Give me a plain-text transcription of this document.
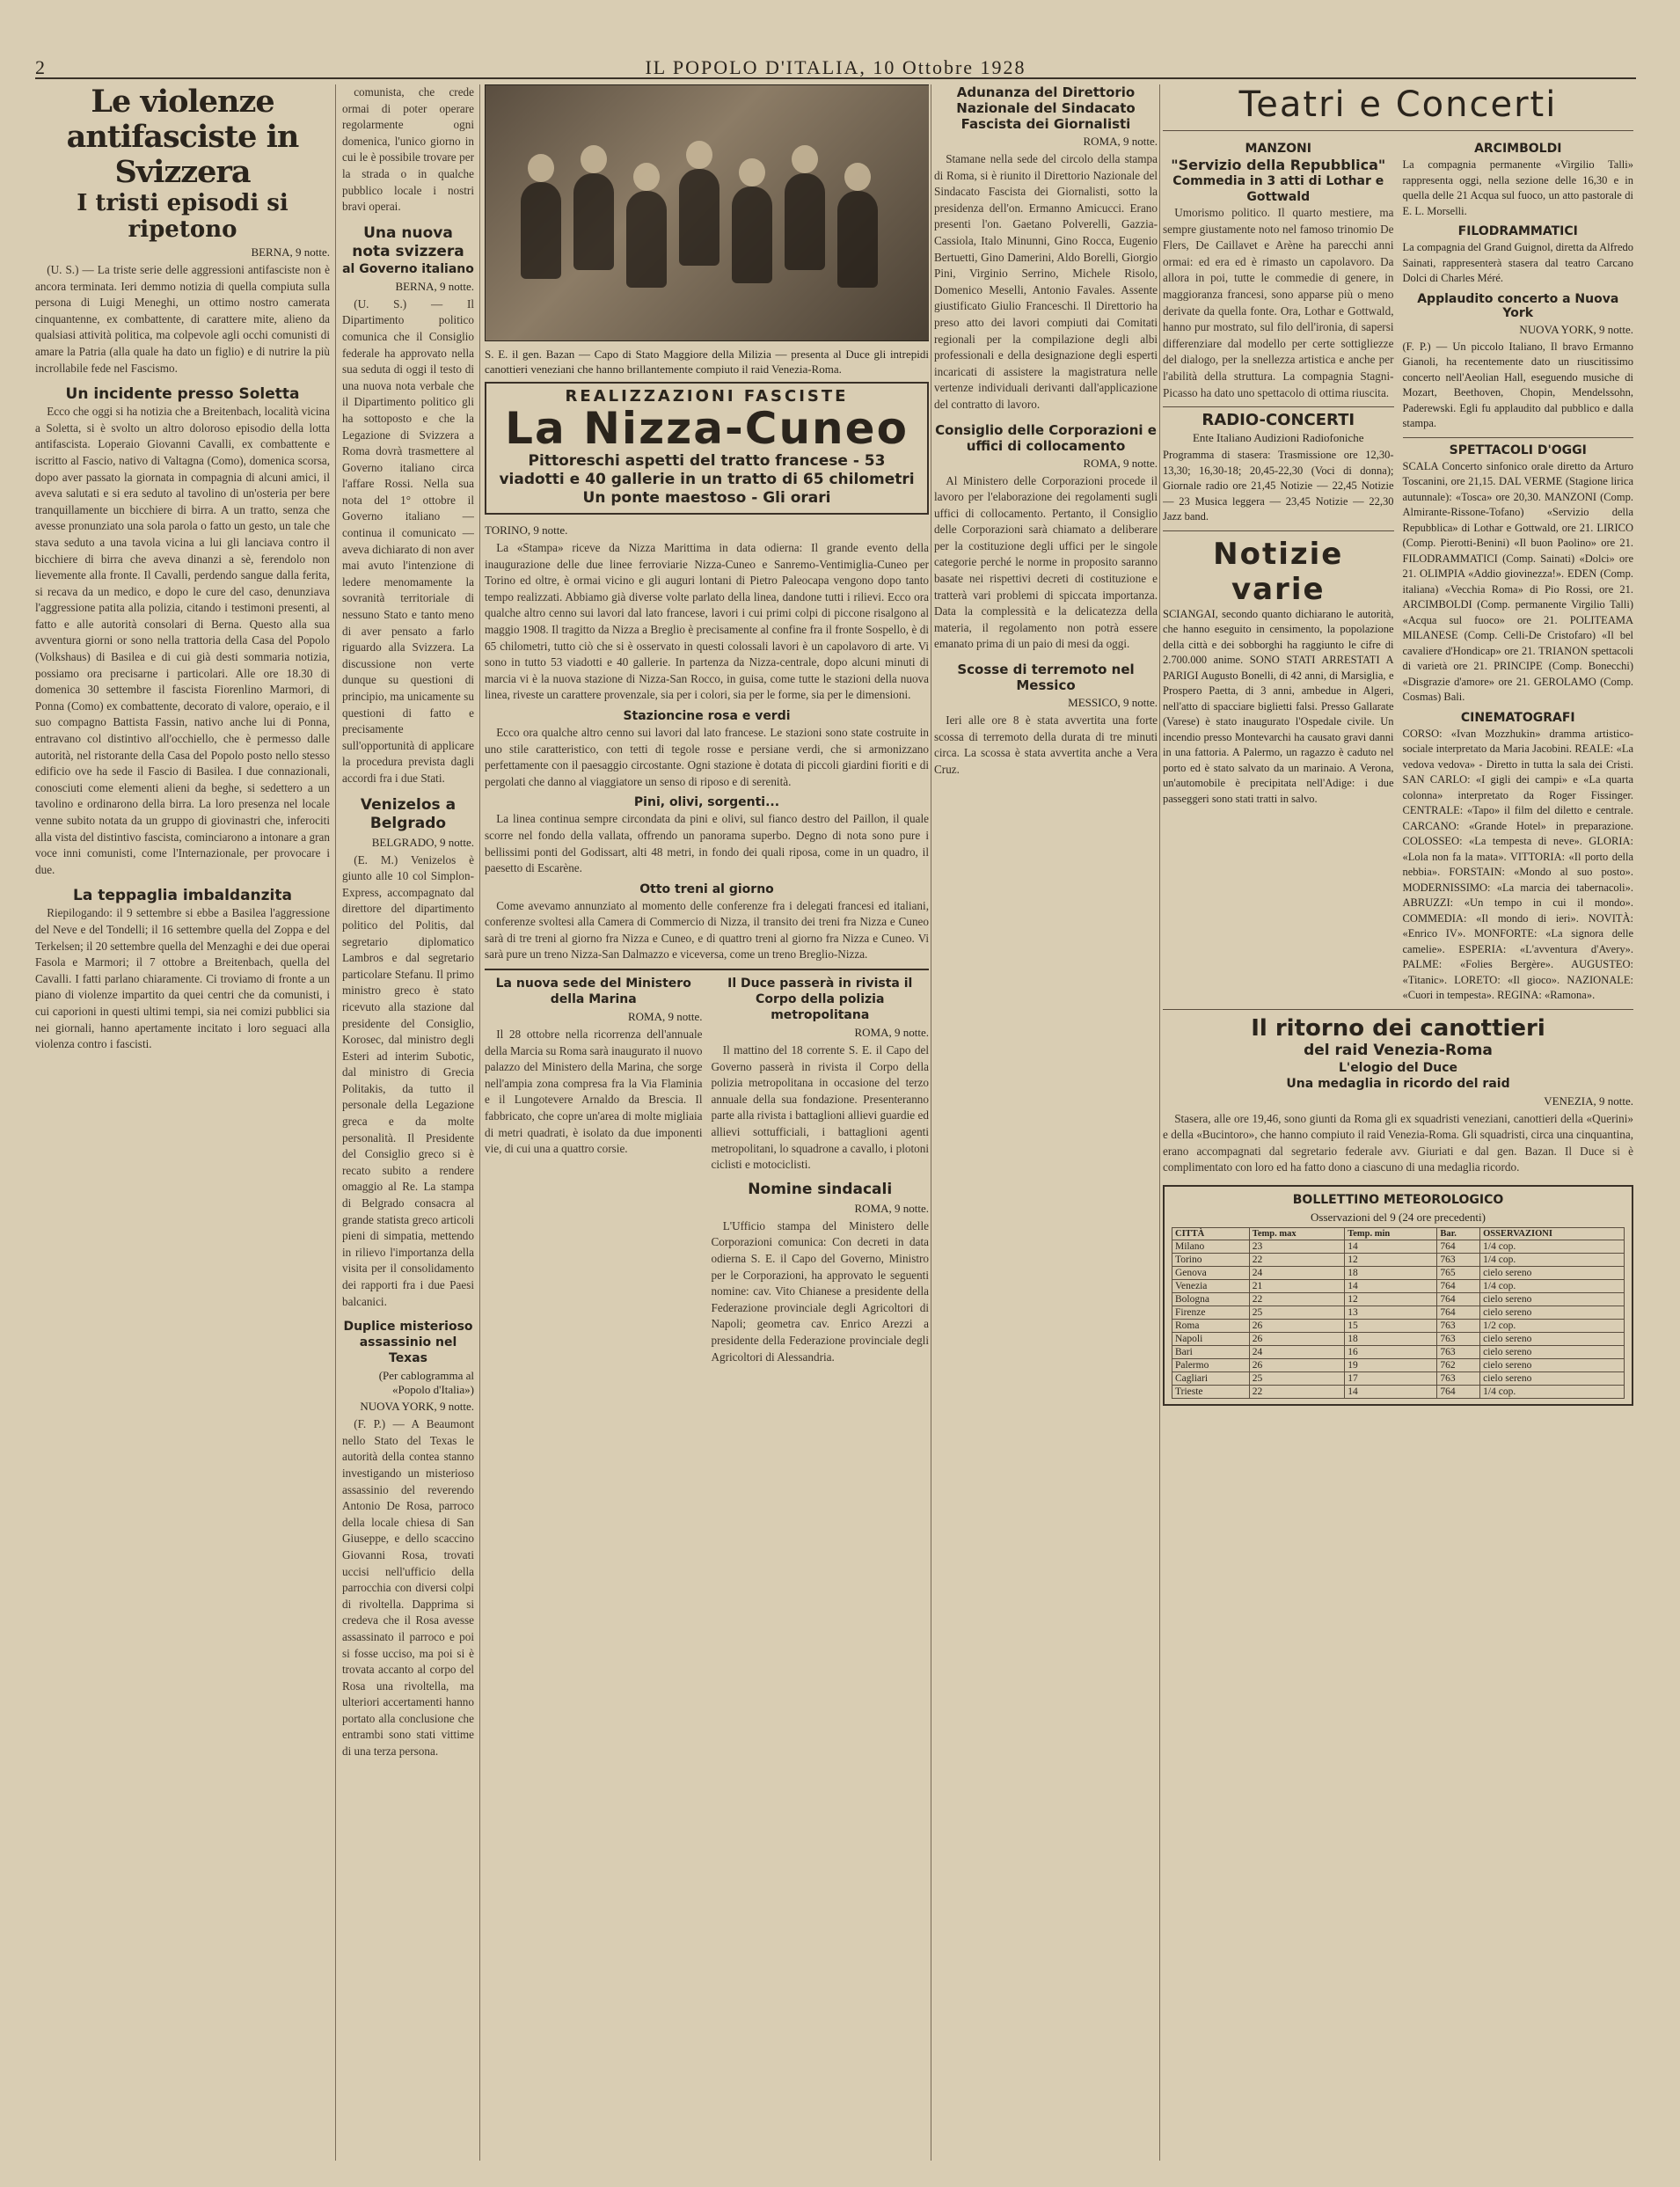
2	IL POPOLO D'ITALIA, 10 Ottobre 1928
Le violenze antifasciste in Svizzera
I tristi episodi si ripetono
BERNA, 9 notte.
(U. S.) — La triste serie delle aggressioni antifasciste non è ancora terminata. Ieri demmo notizia di quella compiuta sulla persona di Luigi Meneghi, un ottimo nostro camerata cinquantenne, ex combattente, di carattere mite, alieno da qualsiasi attività politica, ma colpevole agli occhi comunisti di amare la Patria (alla quale ha dato un figlio) e di nutrire la più incrollabile fede nel Fascismo.
Un incidente presso Soletta
Ecco che oggi si ha notizia che a Breitenbach, località vicina a Soletta, si è svolto un altro doloroso episodio della lotta antifascista. Loperaio Giovanni Cavalli, ex combattente e iscritto al Fascio, nativo di Valtagna (Como), domenica scorsa, dopo aver passato la giornata in compagnia di alcuni amici, il aveva salutati e si era seduto al tavolino di un'osteria per bere tranquillamente un bicchiere di birra. A un tratto, senza che avesse pronunziato una sola parola o fatto un gesto, un tale che stava seduto a una tavola vicina a lui gli lanciava contro il bicchiere di birra che aveva dinanzi a sè, ferendolo non lievemente alla fronte. Il Cavalli, perdendo sangue dalla ferita, si recava da un medico, e dopo le cure del caso, denunziava l'aggressione patita alla polizia, citando i testimoni presenti, al fatto e alle autorità consolari di Berna. Questo alla sua avventura giorni or sono nella trattoria della Casa del Popolo (Volkshaus) di Basilea e di cui già desti sommaria notizia, possiamo ora precisarne i particolari. Alle ore 18.30 di domenica 30 settembre il fascista Fiorenlino Marmori, di Ponna (Como) ex combattente, decorato di valore, operaio, e il suo compagno Battista Fassin, nativo anche lui di Ponna, entravano col distintivo all'occhiello, che è permesso dalle autorità, nel ristorante della Casa del Popolo posto nello stesso edificio ove ha sede il Fascio di Basilea. I due connazionali, conosciuti come elementi alieni da beghe, si sedettero a un tavolino e ordinarono della birra. La loro presenza nel locale venne subito notata da un gruppo di giovinastri che, inferociti alla vista del distintivo fascista, cominciarono a intonare a gran voce inni comunisti, come l'Internazionale, per provocare i due.
La teppaglia imbaldanzita
Riepilogando: il 9 settembre si ebbe a Basilea l'aggressione del Neve e del Tondelli; il 16 settembre quella del Zoppa e del Terkelsen; il 20 settembre quella del Menzaghi e dei due operai Fasola e Marmori; il 7 ottobre a Breitenbach, quella del Cavalli. I fatti parlano chiaramente. Ci troviamo di fronte a un piano di violenze impartito da quei centri che da comunisti, i cui caporioni in questi ultimi tempi, sia nei comizi pubblici sia nei giornali, hanno apertamente incitato i loro seguaci alla violenza contro i fascisti.
comunista, che crede ormai di poter operare regolarmente ogni domenica, l'unico giorno in cui le è possibile trovare per la strada o in qualche pubblico locale i nostri bravi operai.
Una nuova nota svizzera
al Governo italiano
BERNA, 9 notte.
(U. S.) — Il Dipartimento politico comunica che il Consiglio federale ha approvato nella sua seduta di oggi il testo di una nuova nota verbale che il Dipartimento politico gli ha sottoposto e che la Legazione di Svizzera a Roma dovrà trasmettere al Governo italiano circa l'affare Rossi. Nella sua nota del 1° ottobre il Governo italiano — continua il comunicato — aveva dichiarato di non aver mai avuto l'intenzione di ledere menomamente la sovranità territoriale di nessuno Stato e tanto meno di aver pensato a farlo riguardo alla Svizzera. La discussione non verte dunque su questioni di principio, ma unicamente su questioni di fatto e precisamente sull'opportunità di applicare la procedura prevista dagli accordi fra i due Stati.
Venizelos a Belgrado
BELGRADO, 9 notte.
(E. M.) Venizelos è giunto alle 10 col Simplon-Express, accompagnato dal direttore del dipartimento politico del Politis, dal segretario diplomatico Lambros e dal segretario particolare Stefanu. Il primo ministro greco è stato ricevuto alla stazione dal presidente del Consiglio, Korosec, dal ministro degli Esteri ad interim Subotic, dal ministro di Grecia Politakis, da tutto il personale della Legazione greca e da molte personalità. Il Presidente del Consiglio greco si è recato subito a rendere omaggio al Re. La stampa di Belgrado consacra al grande statista greco articoli pieni di simpatia, mettendo in rilievo l'importanza della visita per il consolidamento dei rapporti fra i due Paesi balcanici.
Duplice misterioso assassinio nel Texas
(Per cablogramma al «Popolo d'Italia»)
NUOVA YORK, 9 notte.
(F. P.) — A Beaumont nello Stato del Texas le autorità della contea stanno investigando un misterioso assassinio del reverendo Antonio De Rosa, parroco della locale chiesa di San Giuseppe, e dello scaccino Giovanni Rosa, trovati uccisi nell'ufficio della parrocchia con diversi colpi di rivoltella. Dapprima si credeva che il Rosa avesse assassinato il parroco e poi si fosse ucciso, ma poi si è trovata accanto al corpo del Rosa una rivoltella, ma ulteriori accertamenti hanno portato alla conclusione che entrambi sono stati vittime di una terza persona.
S. E. il gen. Bazan — Capo di Stato Maggiore della Milizia — presenta al Duce gli intrepidi canottieri veneziani che hanno brillantemente compiuto il raid Venezia-Roma.
REALIZZAZIONI FASCISTE
La Nizza-Cuneo
Pittoreschi aspetti del tratto francese - 53 viadotti e 40 gallerie in un tratto di 65 chilometri
Un ponte maestoso - Gli orari
TORINO, 9 notte.
La «Stampa» riceve da Nizza Marittima in data odierna: Il grande evento della inaugurazione delle due linee ferroviarie Nizza-Cuneo e Sanremo-Ventimiglia-Cuneo per Torino ed oltre, è ormai vicino e gli auguri lontani di Pietro Paleocapa vengono dopo tanto tempo realizzati. Abbiamo già diverse volte parlato della linea, dandone tutti i rilievi. Ecco ora qualche altro cenno sui lavori dal lato francese, lavori i cui primi colpi di piccone risalgono al maggio 1908. Il tragitto da Nizza a Breglio è precisamente al confine fra il fronte Sospello, è di 65 chilometri, tutto ciò che si è osservato in questi colossali lavori è un capolavoro di arte. Vi sono in tutto 53 viadotti e 40 gallerie. In partenza da Nizza-centrale, dopo alcuni minuti di marcia vi è la nuova stazione di Nizza-San Rocco, in guisa, come tutte le stazioni della nuova linea, riveste un carattere provenzale, sia per i colori, sia per le forme, sia per le dimensioni.
Stazioncine rosa e verdi
Ecco ora qualche altro cenno sui lavori dal lato francese. Le stazioni sono state costruite in uno stile caratteristico, con tetti di tegole rosse e persiane verdi, che si armonizzano perfettamente con il paesaggio circostante. Ogni stazione è dotata di piccoli giardini fioriti e di pergolati che danno al viaggiatore un senso di riposo e di serenità.
Pini, olivi, sorgenti...
La linea continua sempre circondata da pini e olivi, sul fianco destro del Paillon, il quale scorre nel fondo della vallata, offrendo un panorama superbo. Degno di nota sono pure i bellissimi ponti del Godissart, alti 48 metri, in fondo dei quali riposa, come in un quadro, il paesetto di Escarène.
Otto treni al giorno
Come avevamo annunziato al momento delle conferenze fra i delegati francesi ed italiani, conferenze svoltesi alla Camera di Commercio di Nizza, il transito dei treni fra Nizza e Cuneo sarà di tre treni al giorno fra Nizza e Cuneo, e di quattro treni al giorno fra Nizza e Cuneo. Vi sarà pure un treno Nizza-San Dalmazzo e viceversa, come un treno Breglio-Nizza.
La nuova sede del Ministero della Marina
ROMA, 9 notte.
Il 28 ottobre nella ricorrenza dell'annuale della Marcia su Roma sarà inaugurato il nuovo palazzo del Ministero della Marina, che sorge nell'ampia zona compresa fra la Via Flaminia e il Lungotevere Arnaldo da Brescia. Il fabbricato, che copre un'area di molte migliaia di metri quadrati, è isolato da due imponenti vie, di cui una a quattro corsie.
Il Duce passerà in rivista il Corpo della polizia metropolitana
ROMA, 9 notte.
Il mattino del 18 corrente S. E. il Capo del Governo passerà in rivista il Corpo della polizia metropolitana in occasione del terzo annuale della sua fondazione. Presenteranno parte alla rivista i battaglioni allievi guardie ed allievi sottufficiali, i battaglioni agenti metropolitani, lo squadrone a cavallo, i plotoni ciclisti e motociclisti.
Nomine sindacali
ROMA, 9 notte.
L'Ufficio stampa del Ministero delle Corporazioni comunica: Con decreti in data odierna S. E. il Capo del Governo, Ministro per le Corporazioni, ha approvato le seguenti nomine: cav. Vito Chianese a presidente della Federazione provinciale degli Agricoltori di Napoli; geometra cav. Enrico Arezzi a presidente della Federazione provinciale degli Agricoltori di Alessandria.
Adunanza del Direttorio Nazionale del Sindacato Fascista dei Giornalisti
ROMA, 9 notte.
Stamane nella sede del circolo della stampa di Roma, si è riunito il Direttorio Nazionale del Sindacato Fascista dei Giornalisti, sotto la presidenza dell'on. Ermanno Amicucci. Erano presenti l'on. Gaetano Polverelli, Gazzia-Cassiola, Italo Minunni, Gino Rocca, Eugenio Bertuetti, Gino Damerini, Aldo Borelli, Giorgio Pini, Virginio Serrino, Michele Risolo, Domenico Meselli, Antonio Favales. Assente giustificato Giulio Franceschi. Il Direttorio ha preso atto dei lavori compiuti dai Comitati regionali per la compilazione degli albi professionali e della designazione degli esperti incaricati di assistere la magistratura nelle vertenze individuali derivanti dall'applicazione del contratto di lavoro.
Consiglio delle Corporazioni e uffici di collocamento
ROMA, 9 notte.
Al Ministero delle Corporazioni procede il lavoro per l'elaborazione dei regolamenti sugli uffici di collocamento. Pertanto, il Consiglio delle Corporazioni sarà chiamato a deliberare per la costituzione degli uffici per le singole categorie perché le norme in proposito saranno basate nei rispettivi decreti di costituzione e tratterà vari problemi di spiccata importanza. Data la complessità e la delicatezza della materia, il regolamento non potrà essere emanato prima di un paio di mesi da oggi.
Scosse di terremoto nel Messico
MESSICO, 9 notte.
Ieri alle ore 8 è stata avvertita una forte scossa di terremoto della durata di tre minuti circa. La scossa è stata avvertita anche a Vera Cruz.
Teatri e Concerti
MANZONI
"Servizio della Repubblica"
Commedia in 3 atti di Lothar e Gottwald
Umorismo politico. Il quarto mestiere, ma sempre giustamente noto nel famoso trinomio De Flers, De Caillavet e Arène ha parecchi anni ormai: ed era ed è rimasto un capolavoro. Da allora in poi, tutte le commedie di genere, in maggioranza francesi, sono apparse più o meno derivate da quella fonte. Ora, Lothar e Gottwald, hanno pur mostrato, sul filo dell'ironia, di sapersi differenziare dal modello per certe sottigliezze del dialogo, per la snellezza artistica e anche per l'abilità della struttura. La compagnia Stagni-Picasso ha dato uno spettacolo di ottima riuscita.
RADIO-CONCERTI
Ente Italiano Audizioni Radiofoniche
Programma di stasera: Trasmissione ore 12,30-13,30; 16,30-18; 20,45-22,30 (Voci di donna); Giornale radio ore 21,45 Notizie — 22,45 Notizie — 23 Musica leggera — 23,45 Notizie — 22,30 Jazz band.
Notizie varie
SCIANGAI, secondo quanto dichiarano le autorità, che hanno eseguito in censimento, la popolazione della città e dei sobborghi ha raggiunto le cifre di 2.700.000 anime. SONO STATI ARRESTATI A PARIGI Augusto Bonelli, di 42 anni, di Marsiglia, e Prospero Paetta, di 3 anni, ambedue in Algeri, nell'atto di spacciare biglietti falsi. Presso Gallarate (Varese) è stato inaugurato l'Ospedale civile. Un incendio presso Montevarchi ha causato gravi danni in una fattoria. A Palermo, un ragazzo è caduto nel porto ed è stato salvato da un marinaio. A Verona, un'automobile è precipitata nell'Adige: i due passeggeri sono stati tratti in salvo.
ARCIMBOLDI
La compagnia permanente «Virgilio Talli» rappresenta oggi, nella sezione delle 16,30 e in quella delle 21 Acqua sul fuoco, un atto pastorale di E. L. Morselli.
FILODRAMMATICI
La compagnia del Grand Guignol, diretta da Alfredo Sainati, rappresenterà stasera dal teatro Carcano Dolci di Charles Méré.
Applaudito concerto a Nuova York
NUOVA YORK, 9 notte.
(F. P.) — Un piccolo Italiano, Il bravo Ermanno Gianoli, ha recentemente dato un riuscitissimo concerto nell'Aeolian Hall, eseguendo musiche di Mozart, Beethoven, Chopin, Mendelssohn, Paderewski. Egli fu applaudito dal pubblico e dalla stampa.
SPETTACOLI D'OGGI
SCALA Concerto sinfonico orale diretto da Arturo Toscanini, ore 21,15. DAL VERME (Stagione lirica autunnale): «Tosca» ore 20,30. MANZONI (Comp. Almirante-Rissone-Tofano) «Servizio della Repubblica» di Lothar e Gottwald, ore 21. LIRICO (Comp. Pierotti-Benini) «Il buon Paolino» ore 21. FILODRAMMATICI (Comp. Sainati) «Dolci» ore 21. OLIMPIA «Addio giovinezza!». EDEN (Comp. italiana) «Vecchia Roma» di Pio Rossi, ore 21. ARCIMBOLDI (Comp. permanente Virgilio Talli) «Acqua sul fuoco» ore 21. POLITEAMA MILANESE (Comp. Celli-De Cristofaro) «Il bel cavaliere d'Hondicap» ore 21. TRIANON spettacoli di varietà ore 21. PRINCIPE (Comp. Bonecchi) «Disgrazie d'amore» ore 21. GEROLAMO (Comp. Cosmas) Bali.
CINEMATOGRAFI
CORSO: «Ivan Mozzhukin» dramma artistico-sociale interpretato da Maria Jacobini. REALE: «La vedova vedova» - Diretto in tutta la sala dei Cristi. SAN CARLO: «I gigli dei campi» e «La quarta colonna» interpretato da Roger Fissinger. CENTRALE: «Tapo» il film del diletto e centrale. CARCANO: «Grande Hotel» in preparazione. COLOSSEO: «La tempesta di neve». GLORIA: «Lola non fa la mata». VITTORIA: «Il porto della nebbia». FORSTAIN: «Mondo al suo posto». MODERNISSIMO: «La marcia dei tabernacoli». ABRUZZI: «Un tempo in cui il mondo». COMMEDIA: «Il mondo di ieri». NOVITÀ: «Enrico IV». MONFORTE: «La signora delle camelie». ESPERIA: «L'avventura d'Avery». PALME: «Folies Bergère». AUGUSTEO: «Titanic». LORETO: «Il gioco». NAZIONALE: «Cuori in tempesta». REGINA: «Ramona».
Il ritorno dei canottieri
del raid Venezia-Roma
L'elogio del Duce
Una medaglia in ricordo del raid
VENEZIA, 9 notte.
Stasera, alle ore 19,46, sono giunti da Roma gli ex squadristi veneziani, canottieri della «Querini» e della «Bucintoro», che hanno compiuto il raid Venezia-Roma. Gli squadristi, circa una cinquantina, erano accompagnati dal segretario federale avv. Giuriati e dal gen. Bazan. Il Duce si è complimentato con loro ed ha fatto dono a ciascuno di una medaglia ricordo.
BOLLETTINO METEOROLOGICO
Osservazioni del 9 (24 ore precedenti)
CITTÀ	Temp. max	Temp. min	Bar.	OSSERVAZIONI
Milano	23	14	764	1/4 cop.
Torino	22	12	763	1/4 cop.
Genova	24	18	765	cielo sereno
Venezia	21	14	764	1/4 cop.
Bologna	22	12	764	cielo sereno
Firenze	25	13	764	cielo sereno
Roma	26	15	763	1/2 cop.
Napoli	26	18	763	cielo sereno
Bari	24	16	763	cielo sereno
Palermo	26	19	762	cielo sereno
Cagliari	25	17	763	cielo sereno
Trieste	22	14	764	1/4 cop.
